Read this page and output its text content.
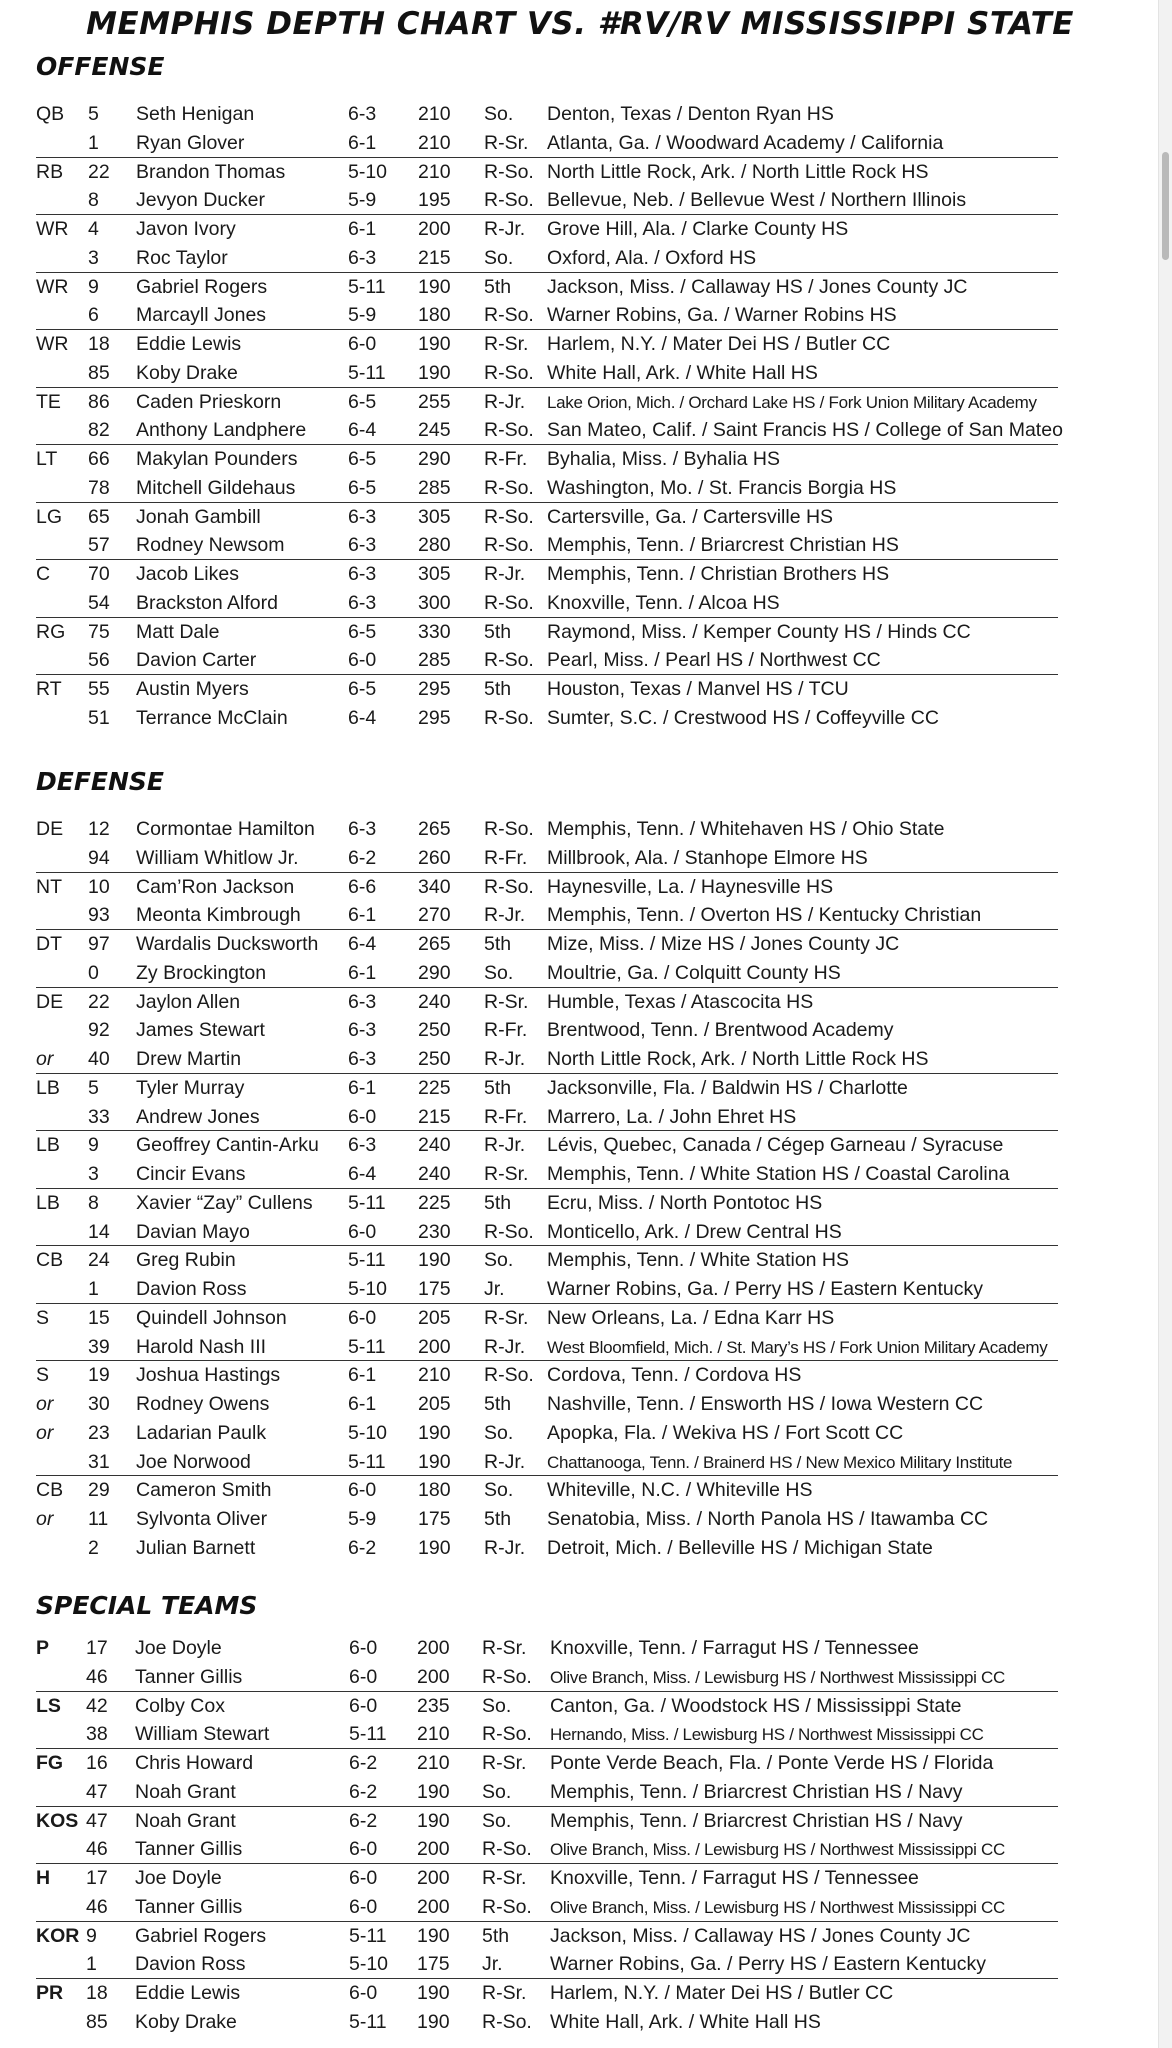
MEMPHIS DEPTH CHART VS. #RV/RV MISSISSIPPI STATE
OFFENSE
QB 5 Seth Henigan	6-3 210 So. Denton, Texas / Denton Ryan HS
1 Ryan Glover	6-1 210 R-Sr. Atlanta, Ga. / Woodward Academy / California
RB 22 Brandon Thomas	5-10 210 R-So. North Little Rock, Ark. / North Little Rock HS
8 Jevyon Ducker	5-9 195 R-So. Bellevue, Neb. / Bellevue West / Northern Illinois
WR 4 Javon Ivory	6-1 200 R-Jr. Grove Hill, Ala. / Clarke County HS
3 Roc Taylor	6-3 215 So. Oxford, Ala. / Oxford HS
WR 9 Gabriel Rogers	5-11 190 5th Jackson, Miss. / Callaway HS / Jones County JC
6 Marcayll Jones	5-9 180 R-So. Warner Robins, Ga. / Warner Robins HS
WR 18 Eddie Lewis	6-0 190 R-Sr. Harlem, N.Y. / Mater Dei HS / Butler CC
85 Koby Drake	5-11 190 R-So. White Hall, Ark. / White Hall HS
TE 86 Caden Prieskorn	6-5 255 R-Jr. Lake Orion, Mich. / Orchard Lake HS / Fork Union Military Academy
82 Anthony Landphere 6-4 245 R-So. San Mateo, Calif. / Saint Francis HS / College of San Mateo
LT 66 Makylan Pounders	6-5 290 R-Fr. Byhalia, Miss. / Byhalia HS
78 Mitchell Gildehaus	6-5 285 R-So. Washington, Mo. / St. Francis Borgia HS
LG 65 Jonah Gambill	6-3 305 R-So. Cartersville, Ga. / Cartersville HS
57 Rodney Newsom	6-3 280 R-So. Memphis, Tenn. / Briarcrest Christian HS
C 70 Jacob Likes	6-3 305 R-Jr. Memphis, Tenn. / Christian Brothers HS
54 Brackston Alford	6-3 300 R-So. Knoxville, Tenn. / Alcoa HS
RG 75 Matt Dale	6-5 330 5th Raymond, Miss. / Kemper County HS / Hinds CC
56 Davion Carter	6-0 285 R-So. Pearl, Miss. / Pearl HS / Northwest CC
RT 55 Austin Myers	6-5 295 5th Houston, Texas / Manvel HS / TCU
51 Terrance McClain	6-4 295 R-So. Sumter, S.C. / Crestwood HS / Coffeyville CC
DEFENSE
DE 12 Cormontae Hamilton 6-3 265 R-So. Memphis, Tenn. / Whitehaven HS / Ohio State
94 William Whitlow Jr.	6-2 260 R-Fr. Millbrook, Ala. / Stanhope Elmore HS
NT 10 Cam’Ron Jackson	6-6 340 R-So. Haynesville, La. / Haynesville HS
93 Meonta Kimbrough 6-1 270 R-Jr. Memphis, Tenn. / Overton HS / Kentucky Christian
DT 97 Wardalis Ducksworth 6-4 265 5th Mize, Miss. / Mize HS / Jones County JC
0 Zy Brockington	6-1 290 So. Moultrie, Ga. / Colquitt County HS
DE 22 Jaylon Allen	6-3 240 R-Sr. Humble, Texas / Atascocita HS
92 James Stewart	6-3 250 R-Fr. Brentwood, Tenn. / Brentwood Academy
or 40 Drew Martin	6-3 250 R-Jr. North Little Rock, Ark. / North Little Rock HS
LB 5 Tyler Murray	6-1 225 5th Jacksonville, Fla. / Baldwin HS / Charlotte
33 Andrew Jones	6-0 215 R-Fr. Marrero, La. / John Ehret HS
LB 9 Geoffrey Cantin-Arku 6-3 240 R-Jr. Lévis, Quebec, Canada / Cégep Garneau / Syracuse
3 Cincir Evans	6-4 240 R-Sr. Memphis, Tenn. / White Station HS / Coastal Carolina
LB 8 Xavier “Zay” Cullens 5-11 225 5th Ecru, Miss. / North Pontotoc HS
14 Davian Mayo	6-0 230 R-So. Monticello, Ark. / Drew Central HS
CB 24 Greg Rubin	5-11 190 So. Memphis, Tenn. / White Station HS
1 Davion Ross	5-10 175 Jr. Warner Robins, Ga. / Perry HS / Eastern Kentucky
S 15 Quindell Johnson	6-0 205 R-Sr. New Orleans, La. / Edna Karr HS
39 Harold Nash III	5-11 200 R-Jr. West Bloomfield, Mich. / St. Mary’s HS / Fork Union Military Academy
S 19 Joshua Hastings	6-1 210 R-So. Cordova, Tenn. / Cordova HS
or 30 Rodney Owens	6-1 205 5th Nashville, Tenn. / Ensworth HS / Iowa Western CC
or 23 Ladarian Paulk	5-10 190 So. Apopka, Fla. / Wekiva HS / Fort Scott CC
31 Joe Norwood	5-11 190 R-Jr. Chattanooga, Tenn. / Brainerd HS / New Mexico Military Institute
CB 29 Cameron Smith	6-0 180 So. Whiteville, N.C. / Whiteville HS
or 11 Sylvonta Oliver	5-9 175 5th Senatobia, Miss. / North Panola HS / Itawamba CC
2 Julian Barnett	6-2 190 R-Jr. Detroit, Mich. / Belleville HS / Michigan State
SPECIAL TEAMS
P 17 Joe Doyle	6-0 200 R-Sr. Knoxville, Tenn. / Farragut HS / Tennessee
46 Tanner Gillis	6-0 200 R-So. Olive Branch, Miss. / Lewisburg HS / Northwest Mississippi CC
LS 42 Colby Cox	6-0 235 So. Canton, Ga. / Woodstock HS / Mississippi State
38 William Stewart	5-11 210 R-So. Hernando, Miss. / Lewisburg HS / Northwest Mississippi CC
FG 16 Chris Howard	6-2 210 R-Sr. Ponte Verde Beach, Fla. / Ponte Verde HS / Florida
47 Noah Grant	6-2 190 So. Memphis, Tenn. / Briarcrest Christian HS / Navy
KOS 47 Noah Grant	6-2 190 So. Memphis, Tenn. / Briarcrest Christian HS / Navy
46 Tanner Gillis	6-0 200 R-So. Olive Branch, Miss. / Lewisburg HS / Northwest Mississippi CC
H 17 Joe Doyle	6-0 200 R-Sr. Knoxville, Tenn. / Farragut HS / Tennessee
46 Tanner Gillis	6-0 200 R-So. Olive Branch, Miss. / Lewisburg HS / Northwest Mississippi CC
KOR 9 Gabriel Rogers	5-11 190 5th Jackson, Miss. / Callaway HS / Jones County JC
1 Davion Ross	5-10 175 Jr. Warner Robins, Ga. / Perry HS / Eastern Kentucky
PR 18 Eddie Lewis	6-0 190 R-Sr. Harlem, N.Y. / Mater Dei HS / Butler CC
85 Koby Drake	5-11 190 R-So. White Hall, Ark. / White Hall HS
